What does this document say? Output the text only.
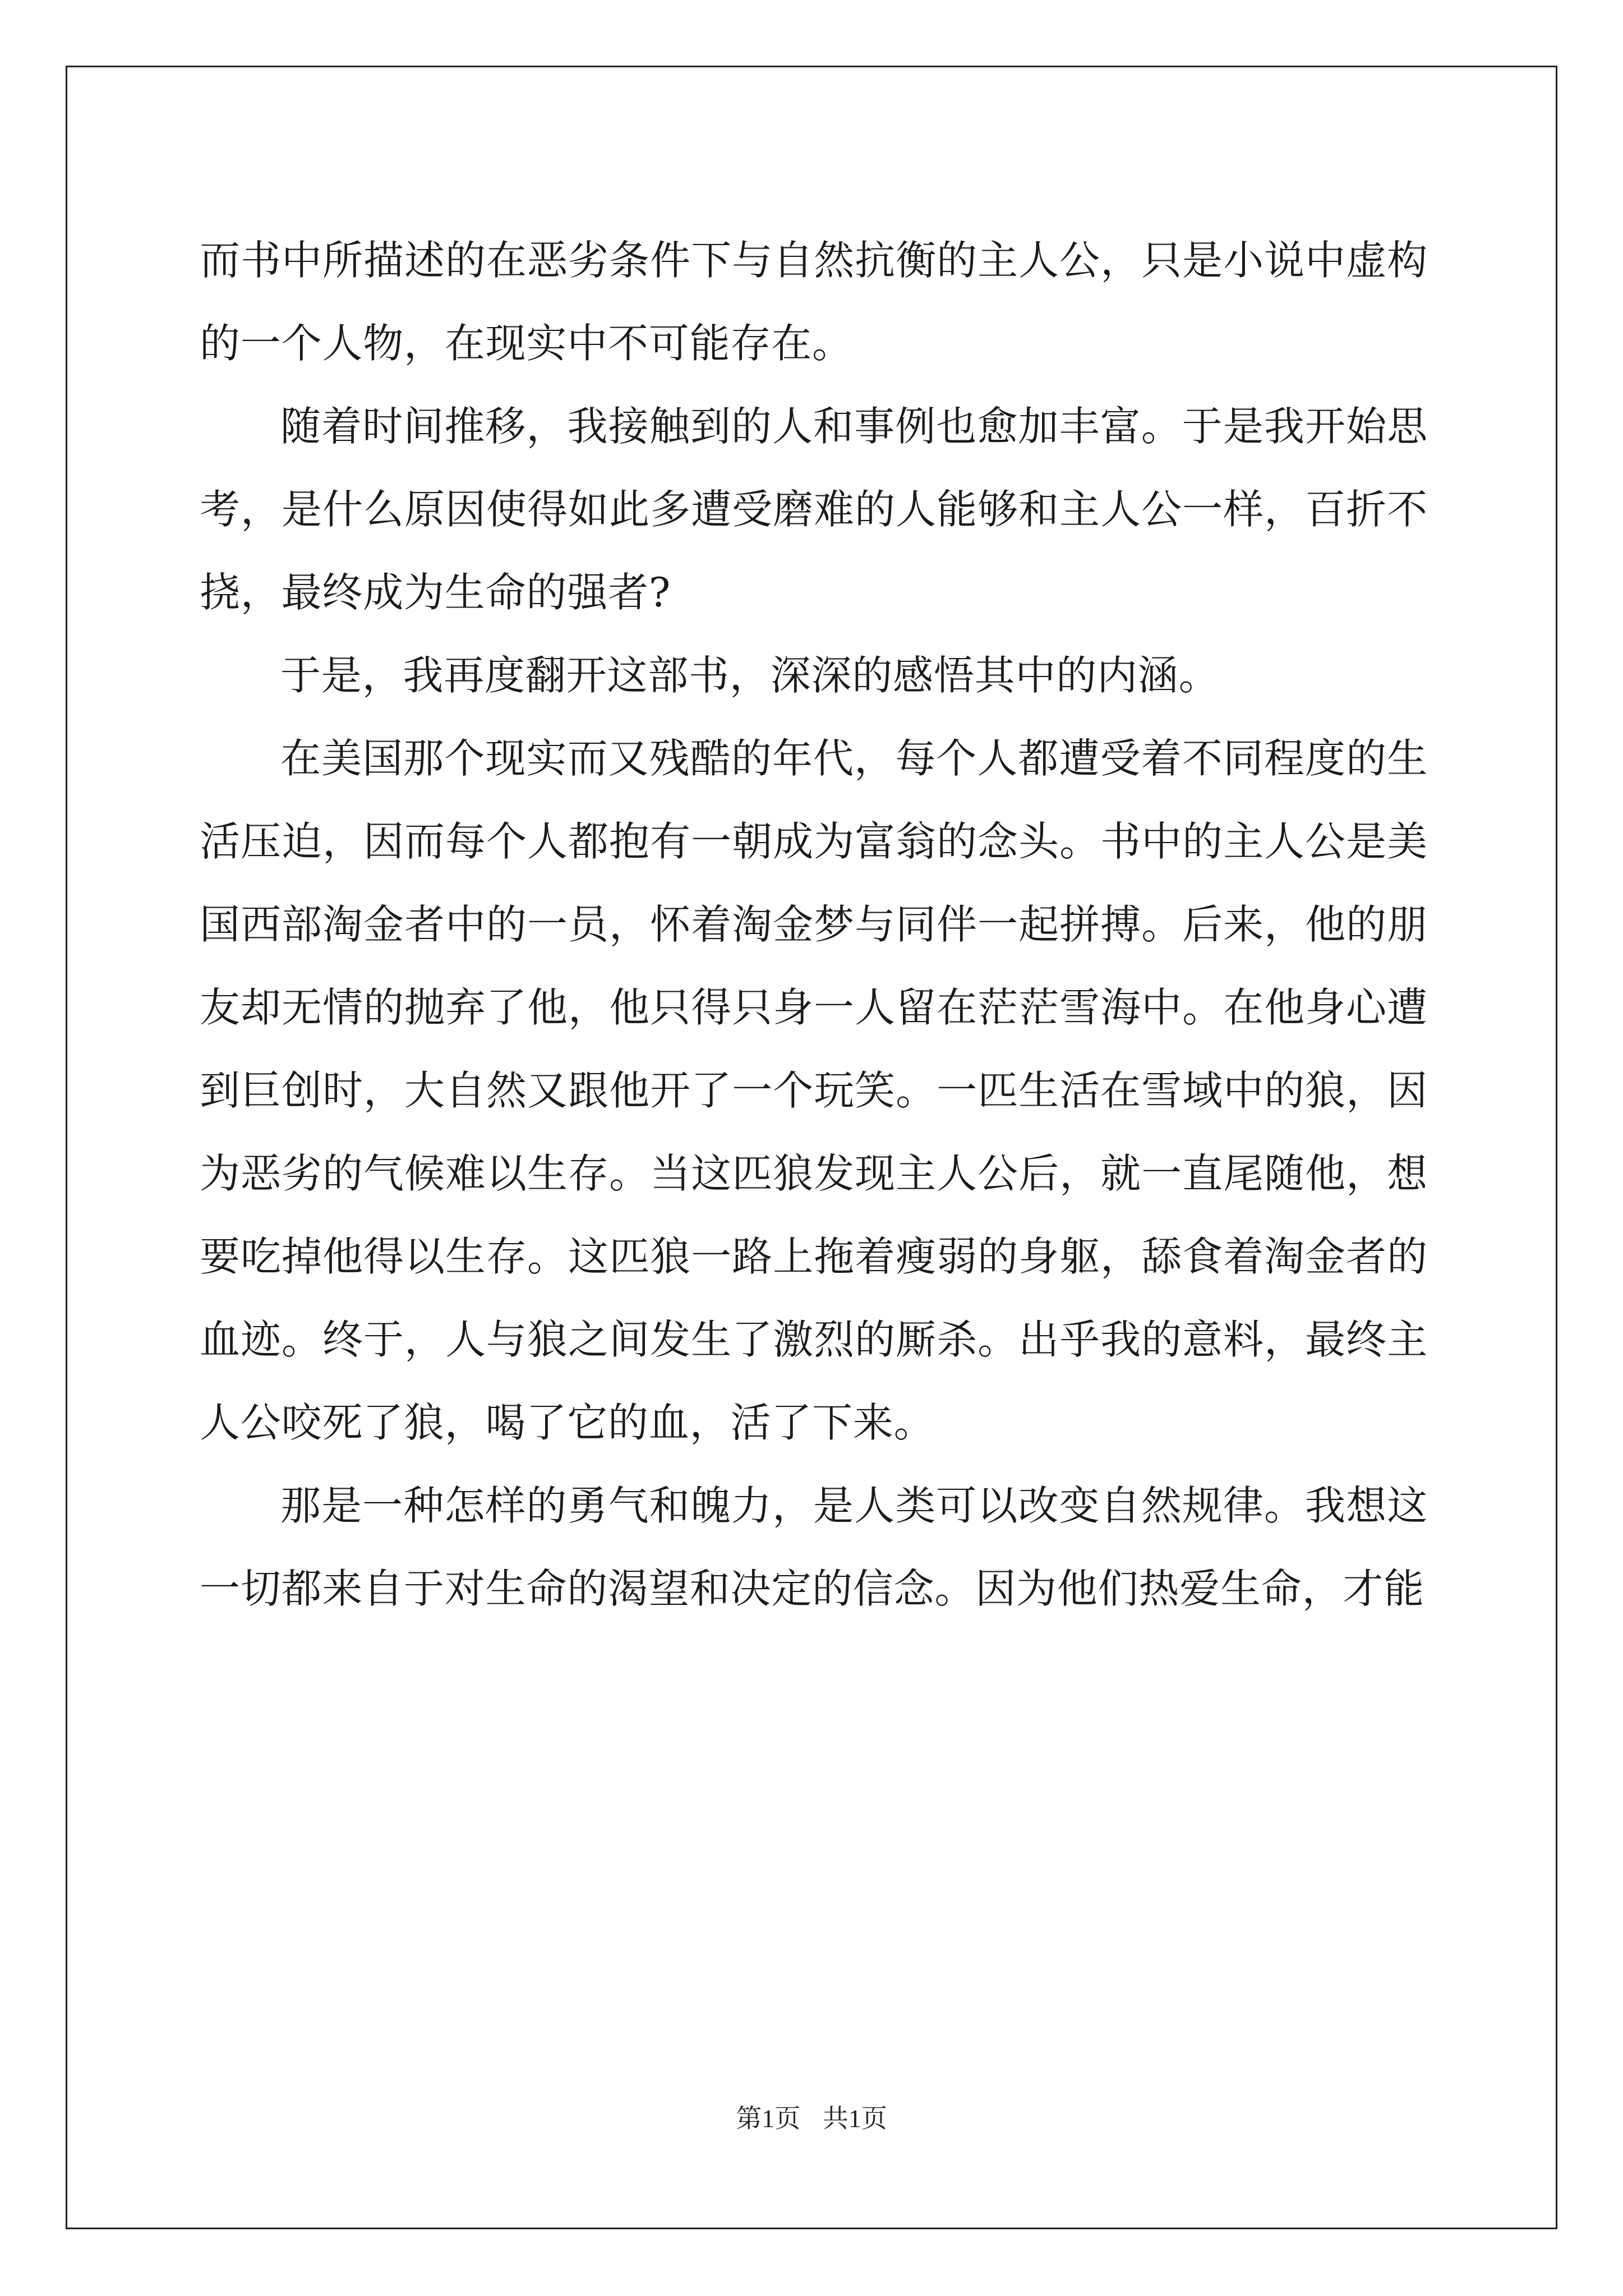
而书中所描述的在恶劣条件下与自然抗衡的主人公，只是小说中虚构的一个人物，在现实中不可能存在。

随着时间推移，我接触到的人和事例也愈加丰富。于是我开始思考，是什么原因使得如此多遭受磨难的人能够和主人公一样，百折不挠，最终成为生命的强者?

于是，我再度翻开这部书，深深的感悟其中的内涵。

在美国那个现实而又残酷的年代，每个人都遭受着不同程度的生活压迫，因而每个人都抱有一朝成为富翁的念头。书中的主人公是美国西部淘金者中的一员，怀着淘金梦与同伴一起拼搏。后来，他的朋友却无情的抛弃了他，他只得只身一人留在茫茫雪海中。在他身心遭到巨创时，大自然又跟他开了一个玩笑。一匹生活在雪域中的狼，因为恶劣的气候难以生存。当这匹狼发现主人公后，就一直尾随他，想要吃掉他得以生存。这匹狼一路上拖着瘦弱的身躯，舔食着淘金者的血迹。终于，人与狼之间发生了激烈的厮杀。出乎我的意料，最终主人公咬死了狼，喝了它的血，活了下来。

那是一种怎样的勇气和魄力，是人类可以改变自然规律。我想这一切都来自于对生命的渴望和决定的信念。因为他们热爱生命，才能

第1页 共1页
